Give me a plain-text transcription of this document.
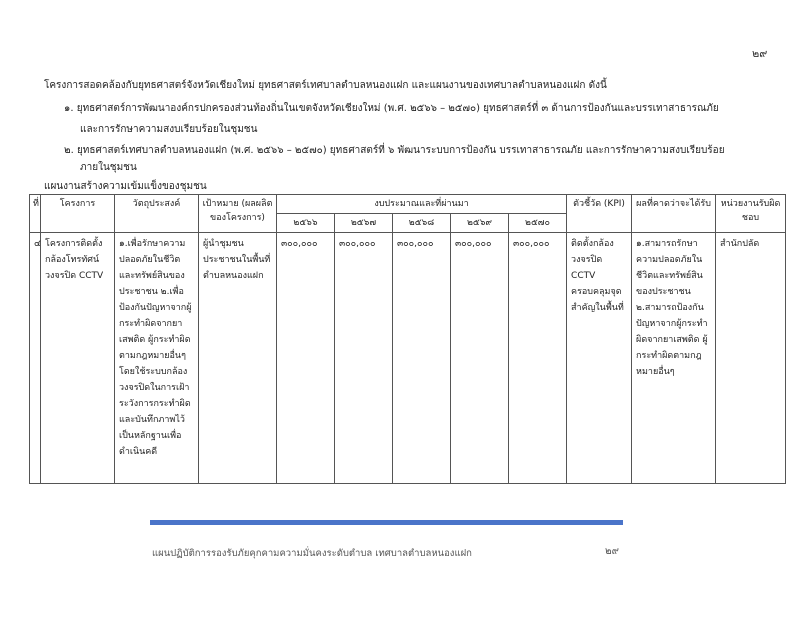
๒๙
โครงการสอดคล้องกับยุทธศาสตร์จังหวัดเชียงใหม่ ยุทธศาสตร์เทศบาลตำบลหนองแฝก และแผนงานของเทศบาลตำบลหนองแฝก ดังนี้
๑. ยุทธศาสตร์การพัฒนาองค์กรปกครองส่วนท้องถิ่นในเขตจังหวัดเชียงใหม่ (พ.ศ. ๒๕๖๖ – ๒๕๗๐) ยุทธศาสตร์ที่ ๓ ด้านการป้องกันและบรรเทาสาธารณภัย
และการรักษาความสงบเรียบร้อยในชุมชน
๒. ยุทธศาสตร์เทศบาลตำบลหนองแฝก (พ.ศ. ๒๕๖๖ – ๒๕๗๐) ยุทธศาสตร์ที่ ๖ พัฒนาระบบการป้องกัน บรรเทาสาธารณภัย และการรักษาความสงบเรียบร้อย
ภายในชุมชน
แผนงานสร้างความเข้มแข็งของชุมชน
ที่	โครงการ	วัตถุประสงค์	เป้าหมาย (ผลผลิตของโครงการ)	งบประมาณและที่ผ่านมา					ตัวชี้วัด (KPI)	ผลที่คาดว่าจะได้รับ	หน่วยงานรับผิดชอบ
				๒๕๖๖	๒๕๖๗	๒๕๖๘	๒๕๖๙	๒๕๗๐			
๔	โครงการติดตั้งกล้องโทรทัศน์วงจรปิด CCTV	๑.เพื่อรักษาความปลอดภัยในชีวิตและทรัพย์สินของประชาชน ๒.เพื่อป้องกันปัญหาจากผู้กระทำผิดจากยาเสพติด ผู้กระทำผิดตามกฎหมายอื่นๆ โดยใช้ระบบกล้องวงจรปิดในการเฝ้าระวังการกระทำผิดและบันทึกภาพไว้เป็นหลักฐานเพื่อดำเนินคดี	ผู้นำชุมชน ประชาชนในพื้นที่ตำบลหนองแฝก	๓๐๐,๐๐๐	๓๐๐,๐๐๐	๓๐๐,๐๐๐	๓๐๐,๐๐๐	๓๐๐,๐๐๐	ติดตั้งกล้องวงจรปิด CCTV ครอบคลุมจุดสำคัญในพื้นที่	๑.สามารถรักษาความปลอดภัยในชีวิตและทรัพย์สินของประชาชน ๒.สามารถป้องกันปัญหาจากผู้กระทำผิดจากยาเสพติด ผู้กระทำผิดตามกฎหมายอื่นๆ	สำนักปลัด
แผนปฏิบัติการรองรับภัยคุกคามความมั่นคงระดับตำบล เทศบาลตำบลหนองแฝก	๒๙
